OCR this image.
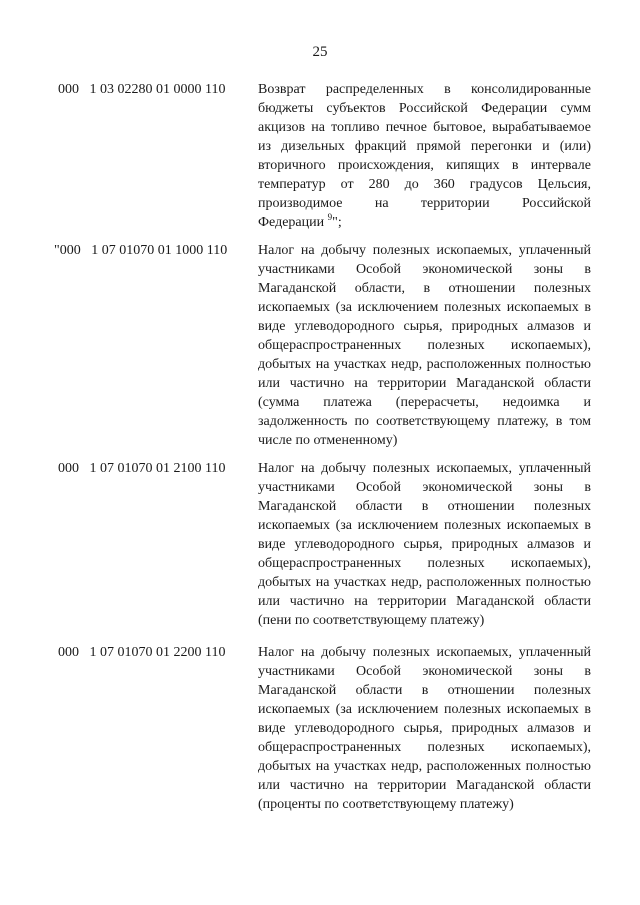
25
000 1 03 02280 01 0000 110 Возврат распределенных в консолидированные бюджеты субъектов Российской Федерации сумм акцизов на топливо печное бытовое, вырабатываемое из дизельных фракций прямой перегонки и (или) вторичного происхождения, кипящих в интервале температур от 280 до 360 градусов Цельсия, производимое на территории Российской Федерации $^9$";
"000 1 07 01070 01 1000 110 Налог на добычу полезных ископаемых, уплаченный участниками Особой экономической зоны в Магаданской области, в отношении полезных ископаемых (за исключением полезных ископаемых в виде углеводородного сырья, природных алмазов и общераспространенных полезных ископаемых), добытых на участках недр, расположенных полностью или частично на территории Магаданской области (сумма платежа (перерасчеты, недоимка и задолженность по соответствующему платежу, в том числе по отмененному)
000 1 07 01070 01 2100 110 Налог на добычу полезных ископаемых, уплаченный участниками Особой экономической зоны в Магаданской области в отношении полезных ископаемых (за исключением полезных ископаемых в виде углеводородного сырья, природных алмазов и общераспространенных полезных ископаемых), добытых на участках недр, расположенных полностью или частично на территории Магаданской области (пени по соответствующему платежу)
000 1 07 01070 01 2200 110 Налог на добычу полезных ископаемых, уплаченный участниками Особой экономической зоны в Магаданской области в отношении полезных ископаемых (за исключением полезных ископаемых в виде углеводородного сырья, природных алмазов и общераспространенных полезных ископаемых), добытых на участках недр, расположенных полностью или частично на территории Магаданской области (проценты по соответствующему платежу)
